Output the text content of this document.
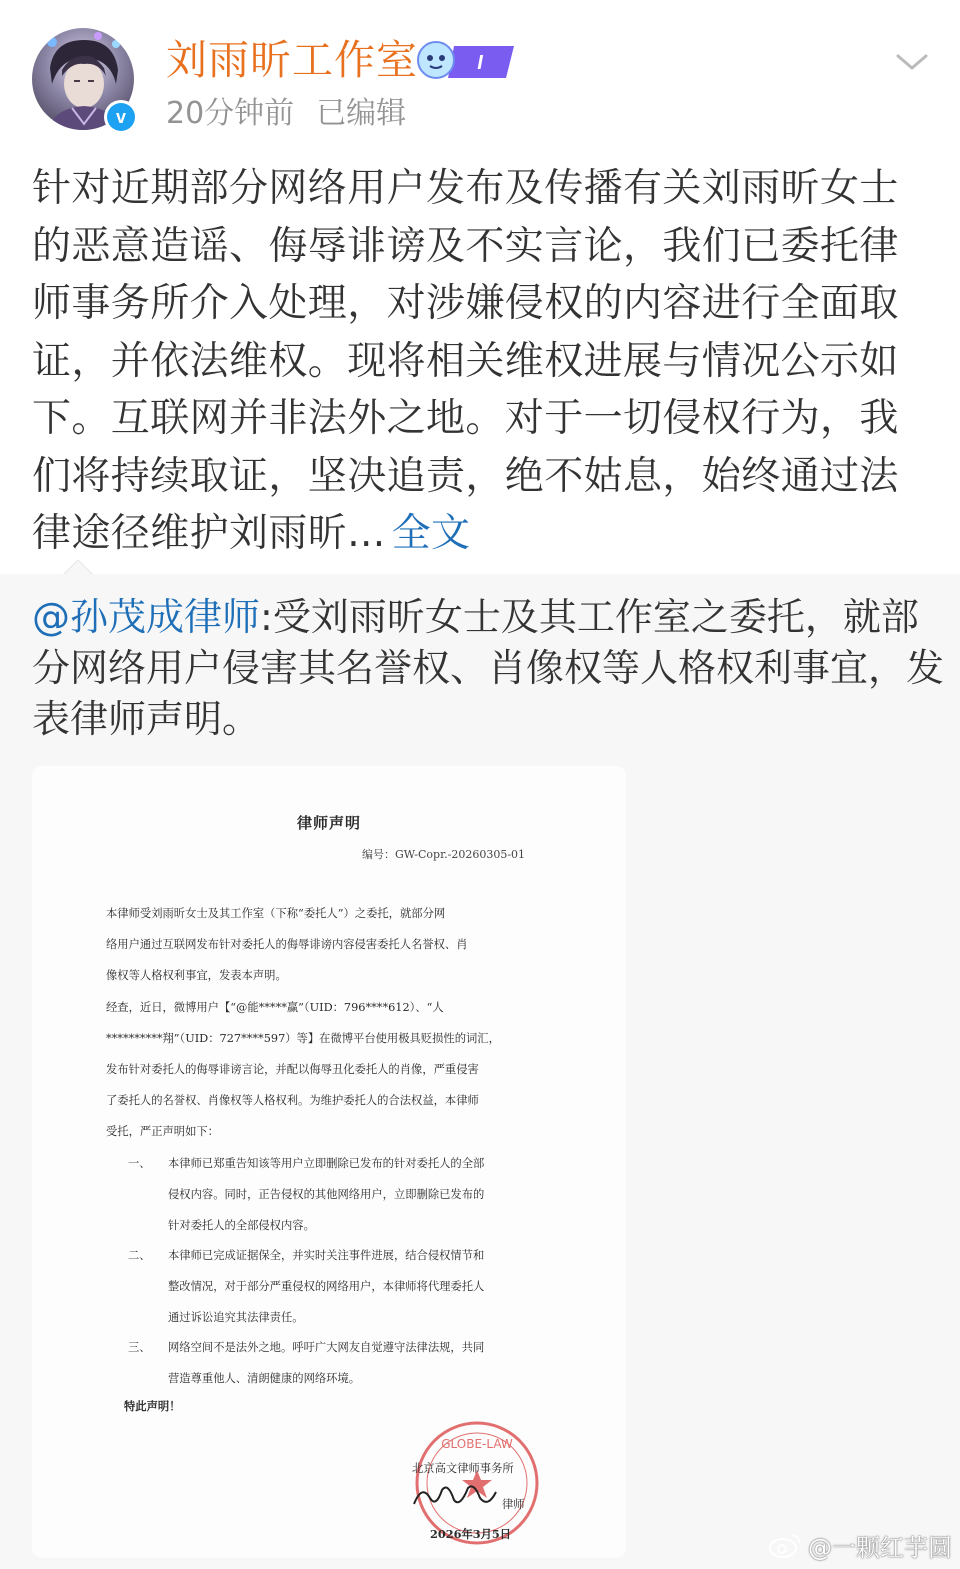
v
刘雨昕工作室	I
20分钟前 已编辑
针对近期部分网络用户发布及传播有关刘雨昕女士
的恶意造谣、侮辱诽谤及不实言论，我们已委托律
师事务所介入处理，对涉嫌侵权的内容进行全面取
证，并依法维权。现将相关维权进展与情况公示如
下。互联网并非法外之地。对于一切侵权行为，我
们将持续取证，坚决追责，绝不姑息，始终通过法
律途径维护刘雨昕... 全文
@孙茂成律师:受刘雨昕女士及其工作室之委托，就部
分网络用户侵害其名誉权、肖像权等人格权利事宜，发
表律师声明。
律师声明
编号：GW-Copr.-20260305-01
本律师受刘雨昕女士及其工作室（下称“委托人”）之委托，就部分网
络用户通过互联网发布针对委托人的侮辱诽谤内容侵害委托人名誉权、肖
像权等人格权利事宜，发表本声明。
经查，近日，微博用户【“@能*****赢”（UID：796****612）、“人
**********翔”（UID：727****597）等】在微博平台使用极具贬损性的词汇，
发布针对委托人的侮辱诽谤言论，并配以侮辱丑化委托人的肖像，严重侵害
了委托人的名誉权、肖像权等人格权利。为维护委托人的合法权益，本律师
受托，严正声明如下：
一、	本律师已郑重告知该等用户立即删除已发布的针对委托人的全部
侵权内容。同时，正告侵权的其他网络用户，立即删除已发布的
针对委托人的全部侵权内容。
二、	本律师已完成证据保全，并实时关注事件进展，结合侵权情节和
整改情况，对于部分严重侵权的网络用户，本律师将代理委托人
通过诉讼追究其法律责任。
三、	网络空间不是法外之地。呼吁广大网友自觉遵守法律法规，共同
营造尊重他人、清朗健康的网络环境。
特此声明！
GLOBE-LAW
北京高文律师事务所
律师
2026年3月5日	@一颗红芋圆
